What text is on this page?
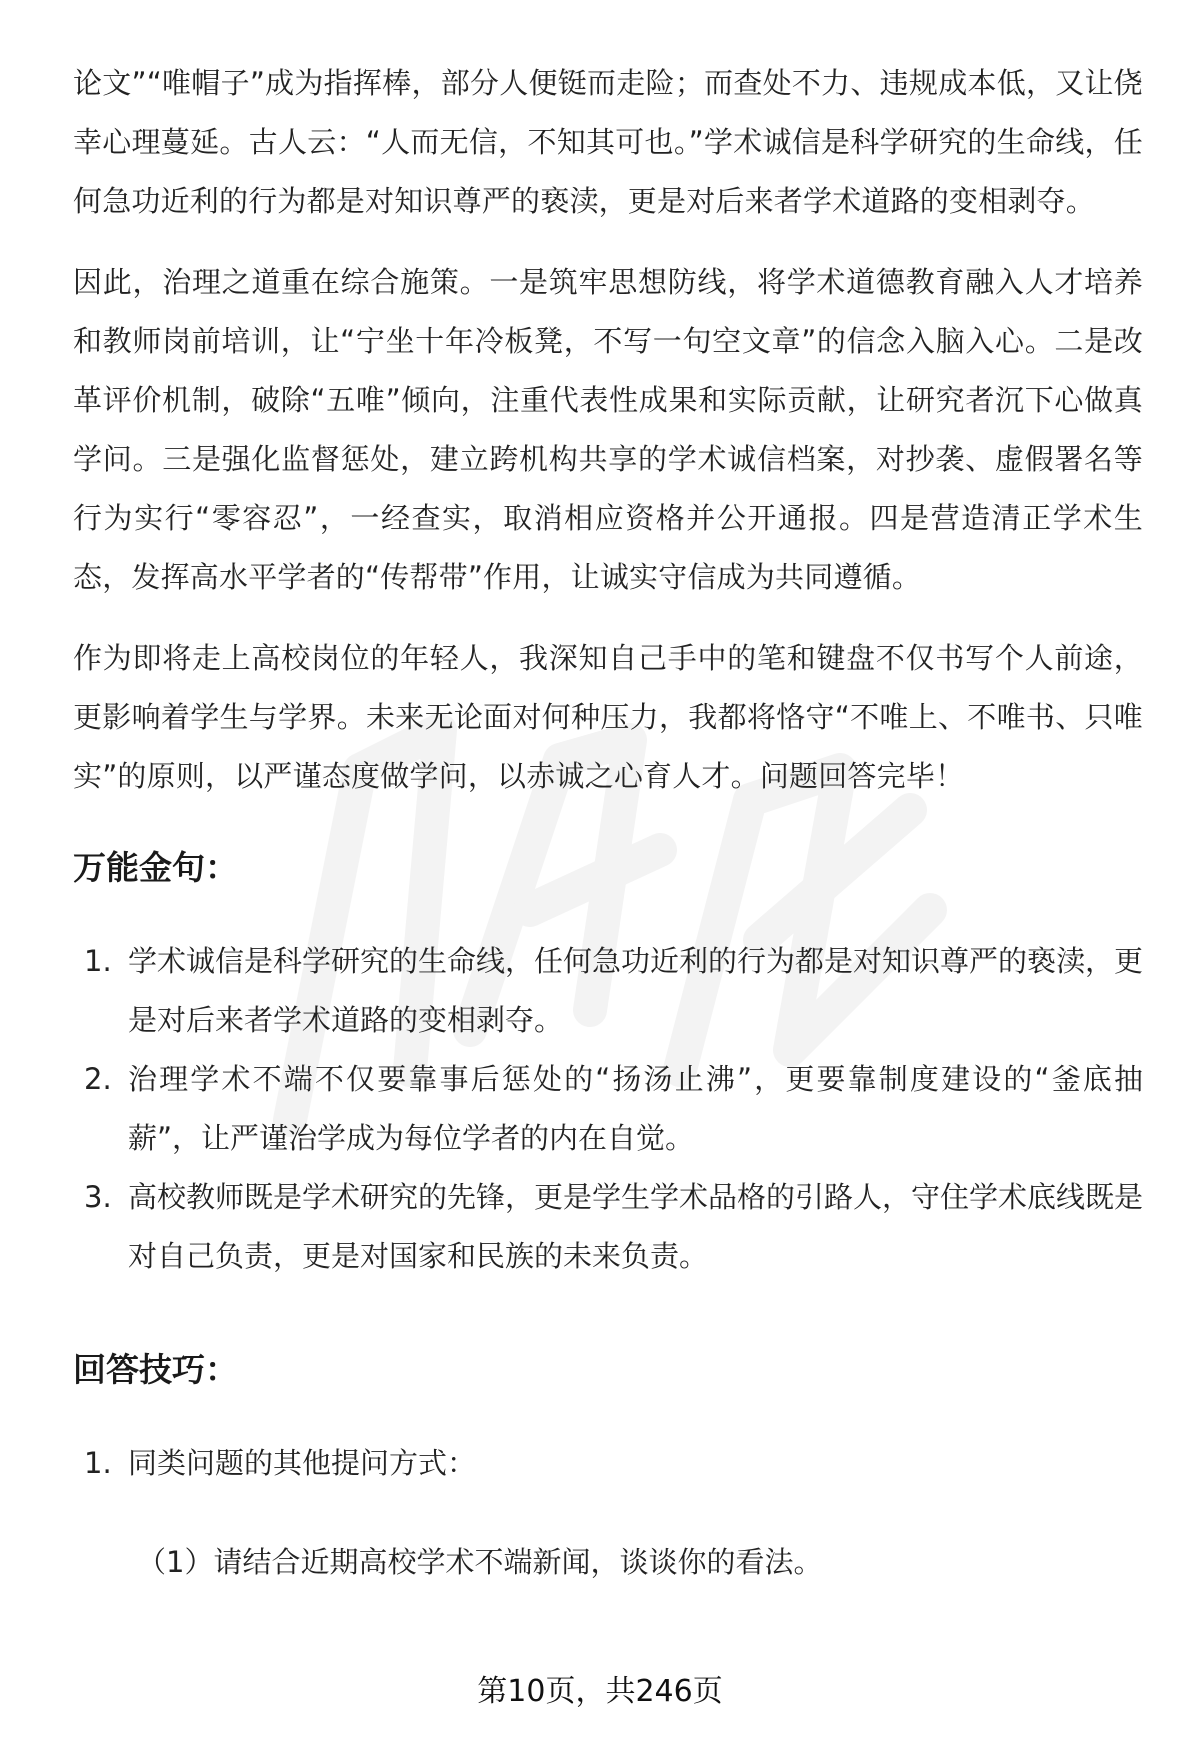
论文”“唯帽子”成为指挥棒，部分人便铤而走险；而查处不力、违规成本低，又让侥幸心理蔓延。古人云：“人而无信，不知其可也。”学术诚信是科学研究的生命线，任何急功近利的行为都是对知识尊严的亵渎，更是对后来者学术道路的变相剥夺。

因此，治理之道重在综合施策。一是筑牢思想防线，将学术道德教育融入人才培养和教师岗前培训，让“宁坐十年冷板凳，不写一句空文章”的信念入脑入心。二是改革评价机制，破除“五唯”倾向，注重代表性成果和实际贡献，让研究者沉下心做真学问。三是强化监督惩处，建立跨机构共享的学术诚信档案，对抄袭、虚假署名等行为实行“零容忍”，一经查实，取消相应资格并公开通报。四是营造清正学术生态，发挥高水平学者的“传帮带”作用，让诚实守信成为共同遵循。

作为即将走上高校岗位的年轻人，我深知自己手中的笔和键盘不仅书写个人前途，更影响着学生与学界。未来无论面对何种压力，我都将恪守“不唯上、不唯书、只唯实”的原则，以严谨态度做学问，以赤诚之心育人才。问题回答完毕！

万能金句：
1. 学术诚信是科学研究的生命线，任何急功近利的行为都是对知识尊严的亵渎，更是对后来者学术道路的变相剥夺。
2. 治理学术不端不仅要靠事后惩处的“扬汤止沸”，更要靠制度建设的“釜底抽薪”，让严谨治学成为每位学者的内在自觉。
3. 高校教师既是学术研究的先锋，更是学生学术品格的引路人，守住学术底线既是对自己负责，更是对国家和民族的未来负责。
回答技巧：
1. 同类问题的其他提问方式：

（1）请结合近期高校学术不端新闻，谈谈你的看法。

第10页，共246页
